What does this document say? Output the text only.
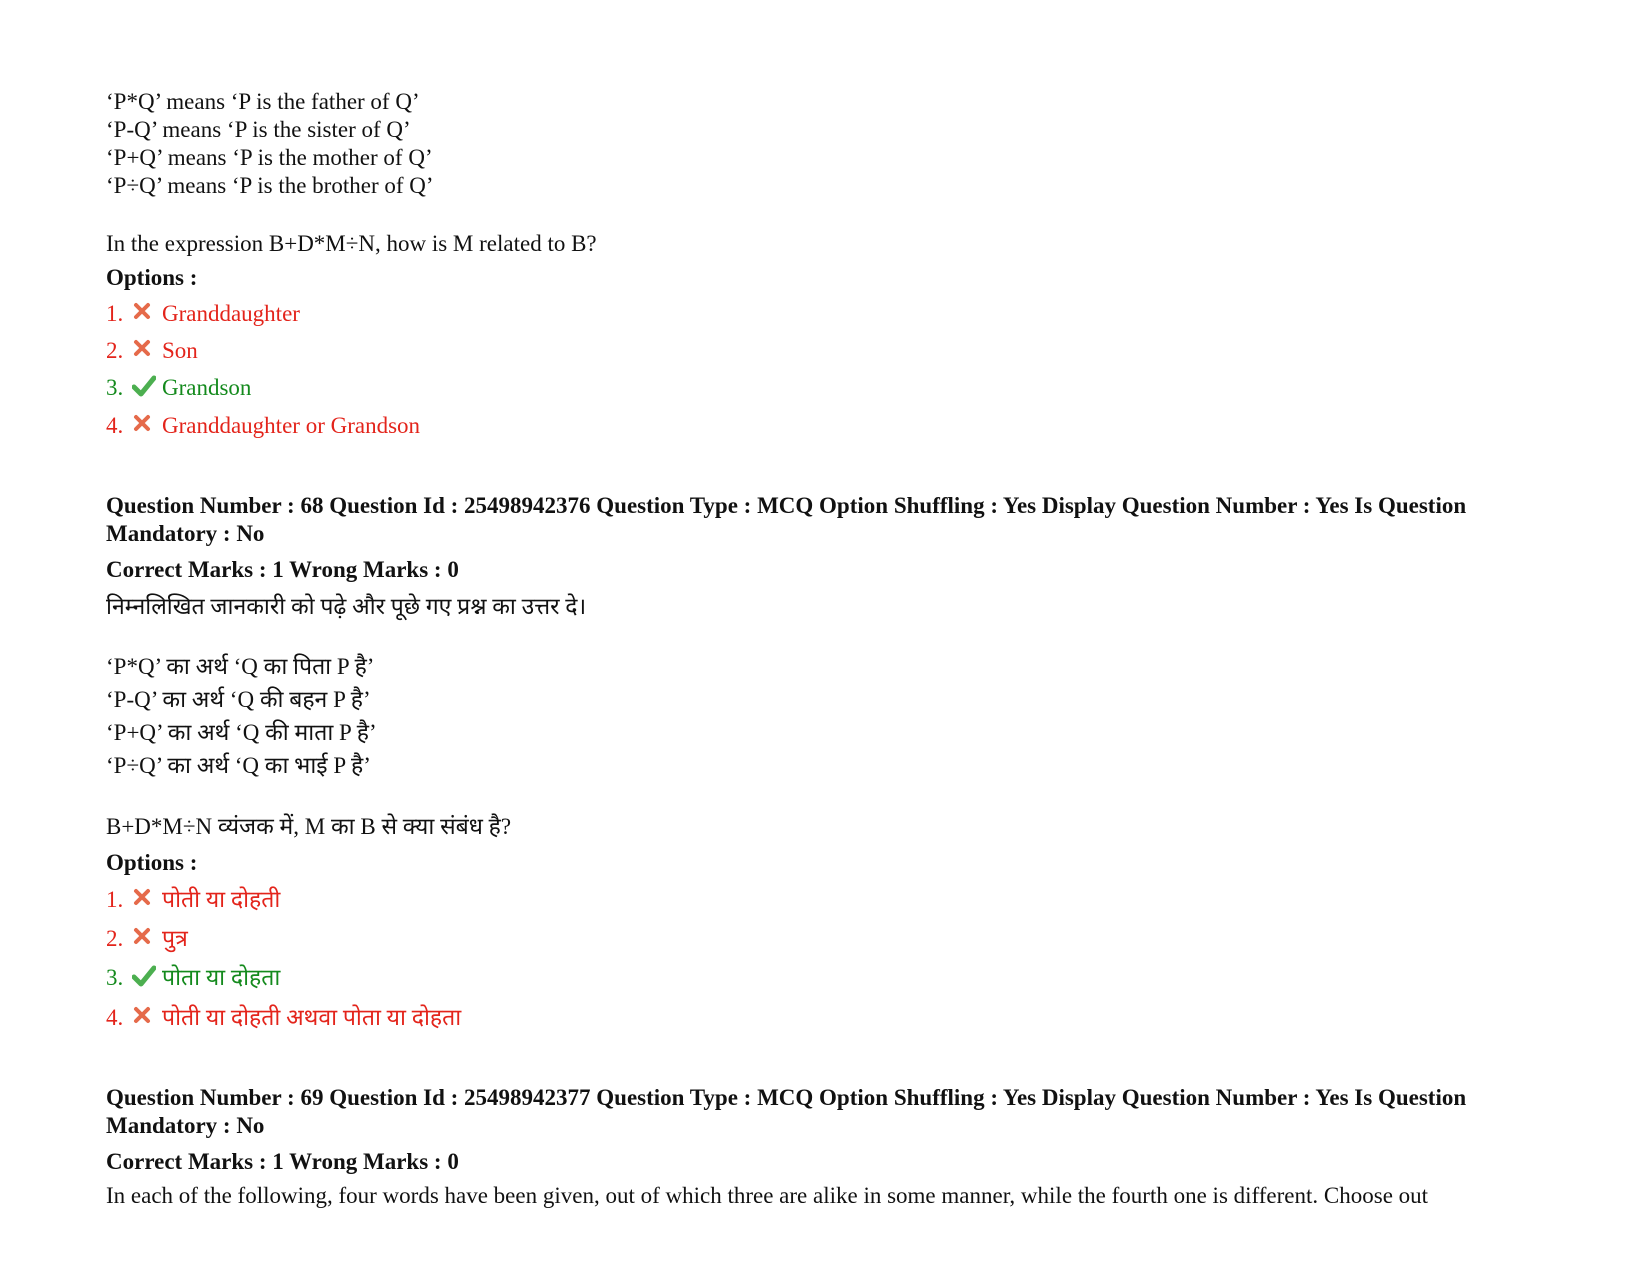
‘P*Q’ means ‘P is the father of Q’
‘P-Q’ means ‘P is the sister of Q’
‘P+Q’ means ‘P is the mother of Q’
‘P÷Q’ means ‘P is the brother of Q’
In the expression B+D*M÷N, how is M related to B?
Options :
1.	Granddaughter
2.	Son
3.	Grandson
4.	Granddaughter or Grandson
Question Number : 68 Question Id : 25498942376 Question Type : MCQ Option Shuffling : Yes Display Question Number : Yes Is Question Mandatory : No
Correct Marks : 1 Wrong Marks : 0
निम्नलिखित जानकारी को पढ़े और पूछे गए प्रश्न का उत्तर दे।
‘P*Q’ का अर्थ ‘Q का पिता P है’
‘P-Q’ का अर्थ ‘Q की बहन P है’
‘P+Q’ का अर्थ ‘Q की माता P है’
‘P÷Q’ का अर्थ ‘Q का भाई P है’
B+D*M÷N व्यंजक में, M का B से क्या संबंध है?
Options :
1.	पोती या दोहती
2.	पुत्र
3.	पोता या दोहता
4.	पोती या दोहती अथवा पोता या दोहता
Question Number : 69 Question Id : 25498942377 Question Type : MCQ Option Shuffling : Yes Display Question Number : Yes Is Question Mandatory : No
Correct Marks : 1 Wrong Marks : 0
In each of the following, four words have been given, out of which three are alike in some manner, while the fourth one is different. Choose out
